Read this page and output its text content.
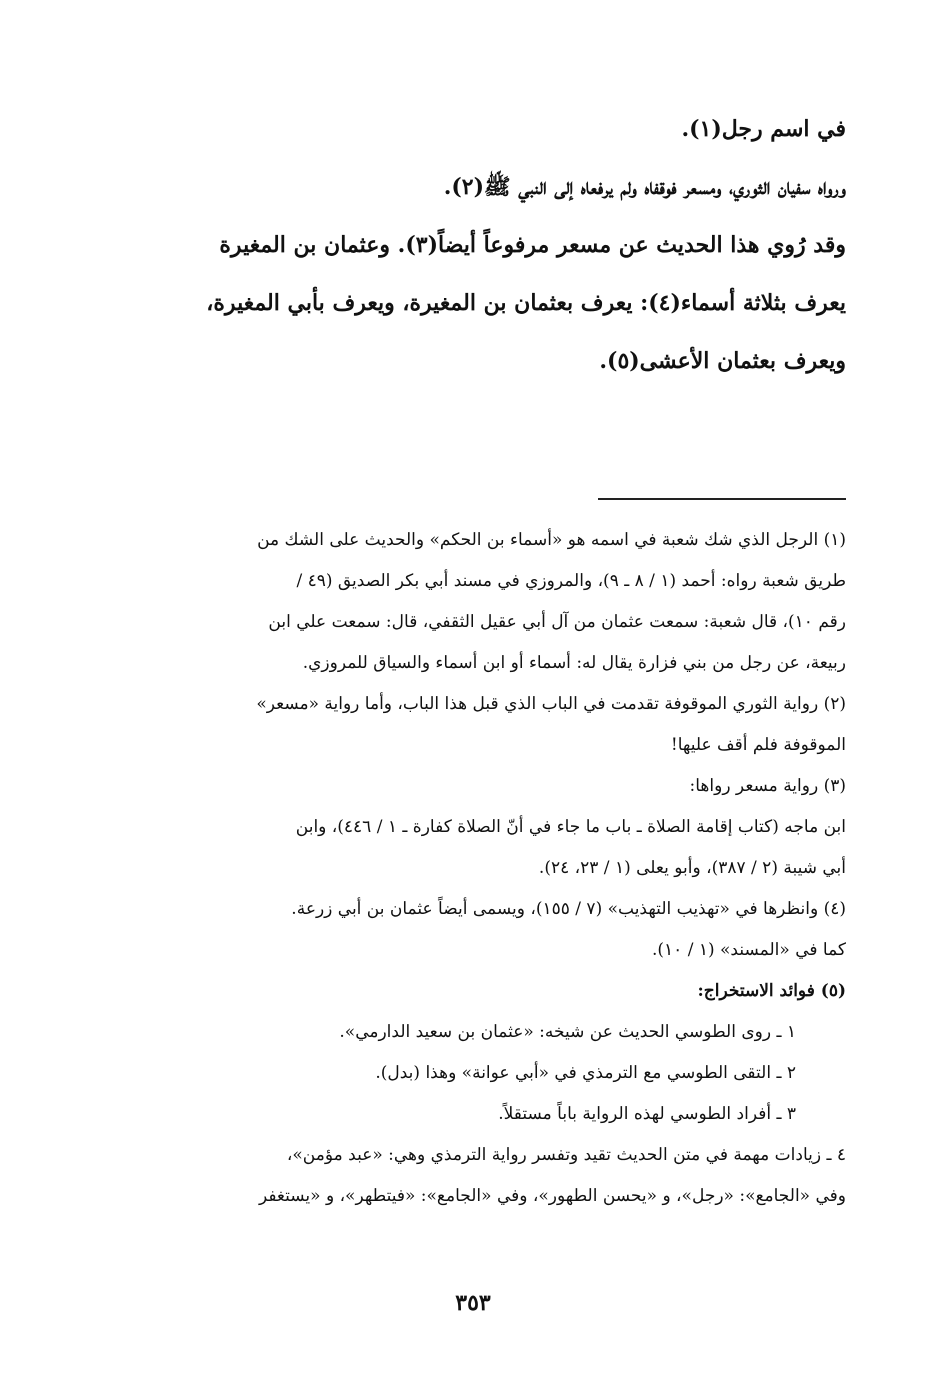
في اسم رجل(١).
ورواه سفيان الثوري، ومسعر فوقفاه ولم يرفعاه إلى النبي ﷺ(٢).
وقد رُوي هذا الحديث عن مسعر مرفوعاً أيضاً(٣). وعثمان بن المغيرة
يعرف بثلاثة أسماء(٤): يعرف بعثمان بن المغيرة، ويعرف بأبي المغيرة،
ويعرف بعثمان الأعشى(٥).
(١) الرجل الذي شك شعبة في اسمه هو «أسماء بن الحكم» والحديث على الشك من
طريق شعبة رواه: أحمد (١ / ٨ ـ ٩)، والمروزي في مسند أبي بكر الصديق (٤٩ /
رقم ١٠)، قال شعبة: سمعت عثمان من آل أبي عقيل الثقفي، قال: سمعت علي ابن
ربيعة، عن رجل من بني فزارة يقال له: أسماء أو ابن أسماء والسياق للمروزي.
(٢) رواية الثوري الموقوفة تقدمت في الباب الذي قبل هذا الباب، وأما رواية «مسعر»
الموقوفة فلم أقف عليها!
(٣) رواية مسعر رواها:
ابن ماجه (كتاب إقامة الصلاة ـ باب ما جاء في أنّ الصلاة كفارة ـ ١ / ٤٤٦)، وابن
أبي شيبة (٢ / ٣٨٧)، وأبو يعلى (١ / ٢٣، ٢٤).
(٤) وانظرها في «تهذيب التهذيب» (٧ / ١٥٥)، ويسمى أيضاً عثمان بن أبي زرعة.
كما في «المسند» (١ / ١٠).
(٥) فوائد الاستخراج:
١ ـ روى الطوسي الحديث عن شيخه: «عثمان بن سعيد الدارمي».
٢ ـ التقى الطوسي مع الترمذي في «أبي عوانة» وهذا (بدل).
٣ ـ أفراد الطوسي لهذه الرواية باباً مستقلاً.
٤ ـ زيادات مهمة في متن الحديث تقيد وتفسر رواية الترمذي وهي: «عبد مؤمن»،
وفي «الجامع»: «رجل»، و «يحسن الطهور»، وفي «الجامع»: «فيتطهر»، و «يستغفر
٣٥٣
